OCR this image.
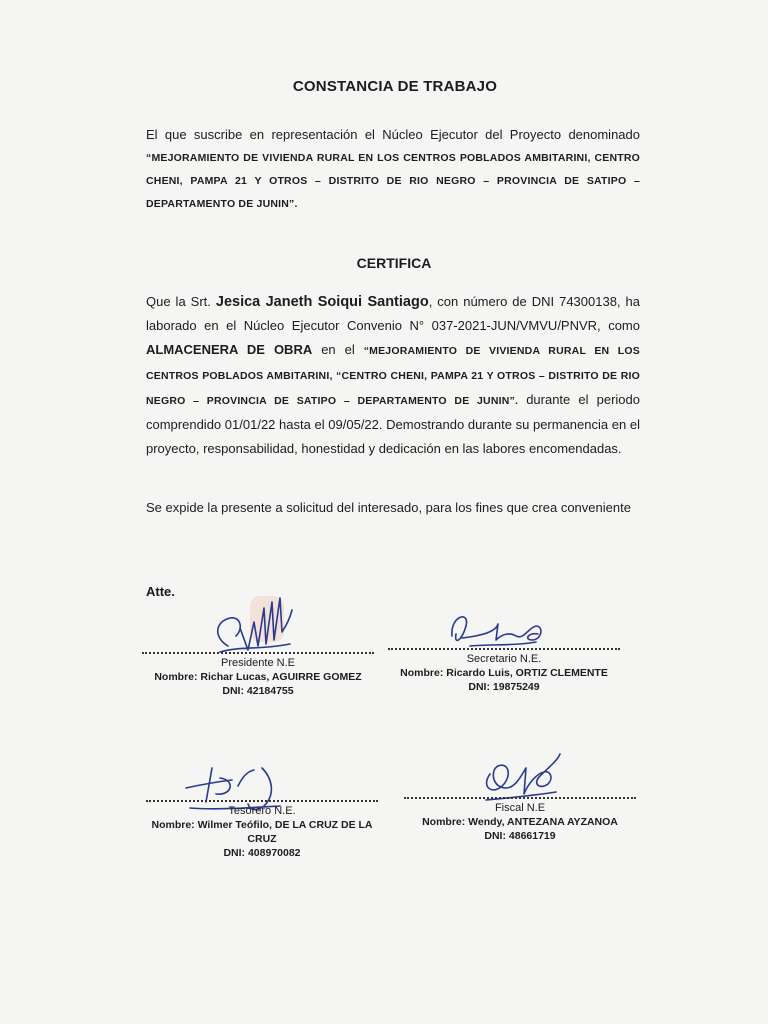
CONSTANCIA DE TRABAJO
El que suscribe en representación el Núcleo Ejecutor del Proyecto denominado “MEJORAMIENTO DE VIVIENDA RURAL EN LOS CENTROS POBLADOS AMBITARINI, CENTRO CHENI, PAMPA 21 Y OTROS – DISTRITO DE RIO NEGRO – PROVINCIA DE SATIPO – DEPARTAMENTO DE JUNIN”.
CERTIFICA
Que la Srt. Jesica Janeth Soiqui Santiago, con número de DNI 74300138, ha laborado en el Núcleo Ejecutor Convenio N° 037-2021-JUN/VMVU/PNVR, como ALMACENERA DE OBRA en el “MEJORAMIENTO DE VIVIENDA RURAL EN LOS CENTROS POBLADOS AMBITARINI, “CENTRO CHENI, PAMPA 21 Y OTROS – DISTRITO DE RIO NEGRO – PROVINCIA DE SATIPO – DEPARTAMENTO DE JUNIN”. durante el periodo comprendido 01/01/22 hasta el 09/05/22. Demostrando durante su permanencia en el proyecto, responsabilidad, honestidad y dedicación en las labores encomendadas.
Se expide la presente a solicitud del interesado, para los fines que crea conveniente
Atte.
Presidente N.E
Nombre: Richar Lucas, AGUIRRE GOMEZ
DNI: 42184755
Secretario N.E.
Nombre: Ricardo Luis, ORTIZ CLEMENTE
DNI: 19875249
Tesorero N.E.
Nombre: Wilmer Teófilo, DE LA CRUZ DE LA CRUZ
DNI: 408970082
Fiscal N.E
Nombre: Wendy, ANTEZANA AYZANOA
DNI: 48661719
